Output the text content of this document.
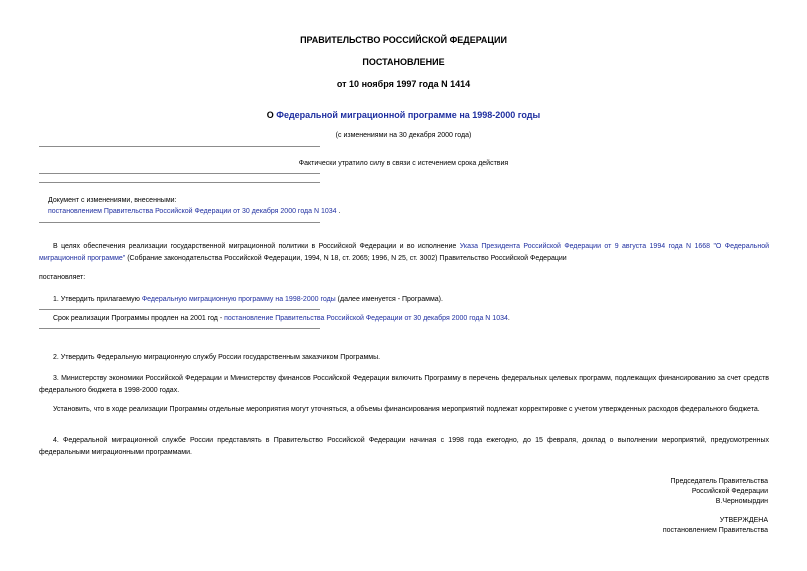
ПРАВИТЕЛЬСТВО РОССИЙСКОЙ ФЕДЕРАЦИИ
ПОСТАНОВЛЕНИЕ
от 10 ноября 1997 года N 1414
О Федеральной миграционной программе на 1998-2000 годы
(с изменениями на 30 декабря 2000 года)
Фактически утратило силу в связи с истечением срока действия
Документ с изменениями, внесенными:
постановлением Правительства Российской Федерации от 30 декабря 2000 года N 1034 .
В целях обеспечения реализации государственной миграционной политики в Российской Федерации и во исполнение Указа Президента Российской Федерации от 9 августа 1994 года N 1668 "О Федеральной миграционной программе" (Собрание законодательства Российской Федерации, 1994, N 18, ст. 2065; 1996, N 25, ст. 3002) Правительство Российской Федерации
постановляет:
1. Утвердить прилагаемую Федеральную миграционную программу на 1998-2000 годы (далее именуется - Программа).
Срок реализации Программы продлен на 2001 год - постановление Правительства Российской Федерации от 30 декабря 2000 года N 1034.
2. Утвердить Федеральную миграционную службу России государственным заказчиком Программы.
3. Министерству экономики Российской Федерации и Министерству финансов Российской Федерации включить Программу в перечень федеральных целевых программ, подлежащих финансированию за счет средств федерального бюджета в 1998-2000 годах.
Установить, что в ходе реализации Программы отдельные мероприятия могут уточняться, а объемы финансирования мероприятий подлежат корректировке с учетом утвержденных расходов федерального бюджета.
4. Федеральной миграционной службе России представлять в Правительство Российской Федерации начиная с 1998 года ежегодно, до 15 февраля, доклад о выполнении мероприятий, предусмотренных федеральными миграционными программами.
Председатель Правительства
Российской Федерации
В.Черномырдин
УТВЕРЖДЕНА
постановлением Правительства
